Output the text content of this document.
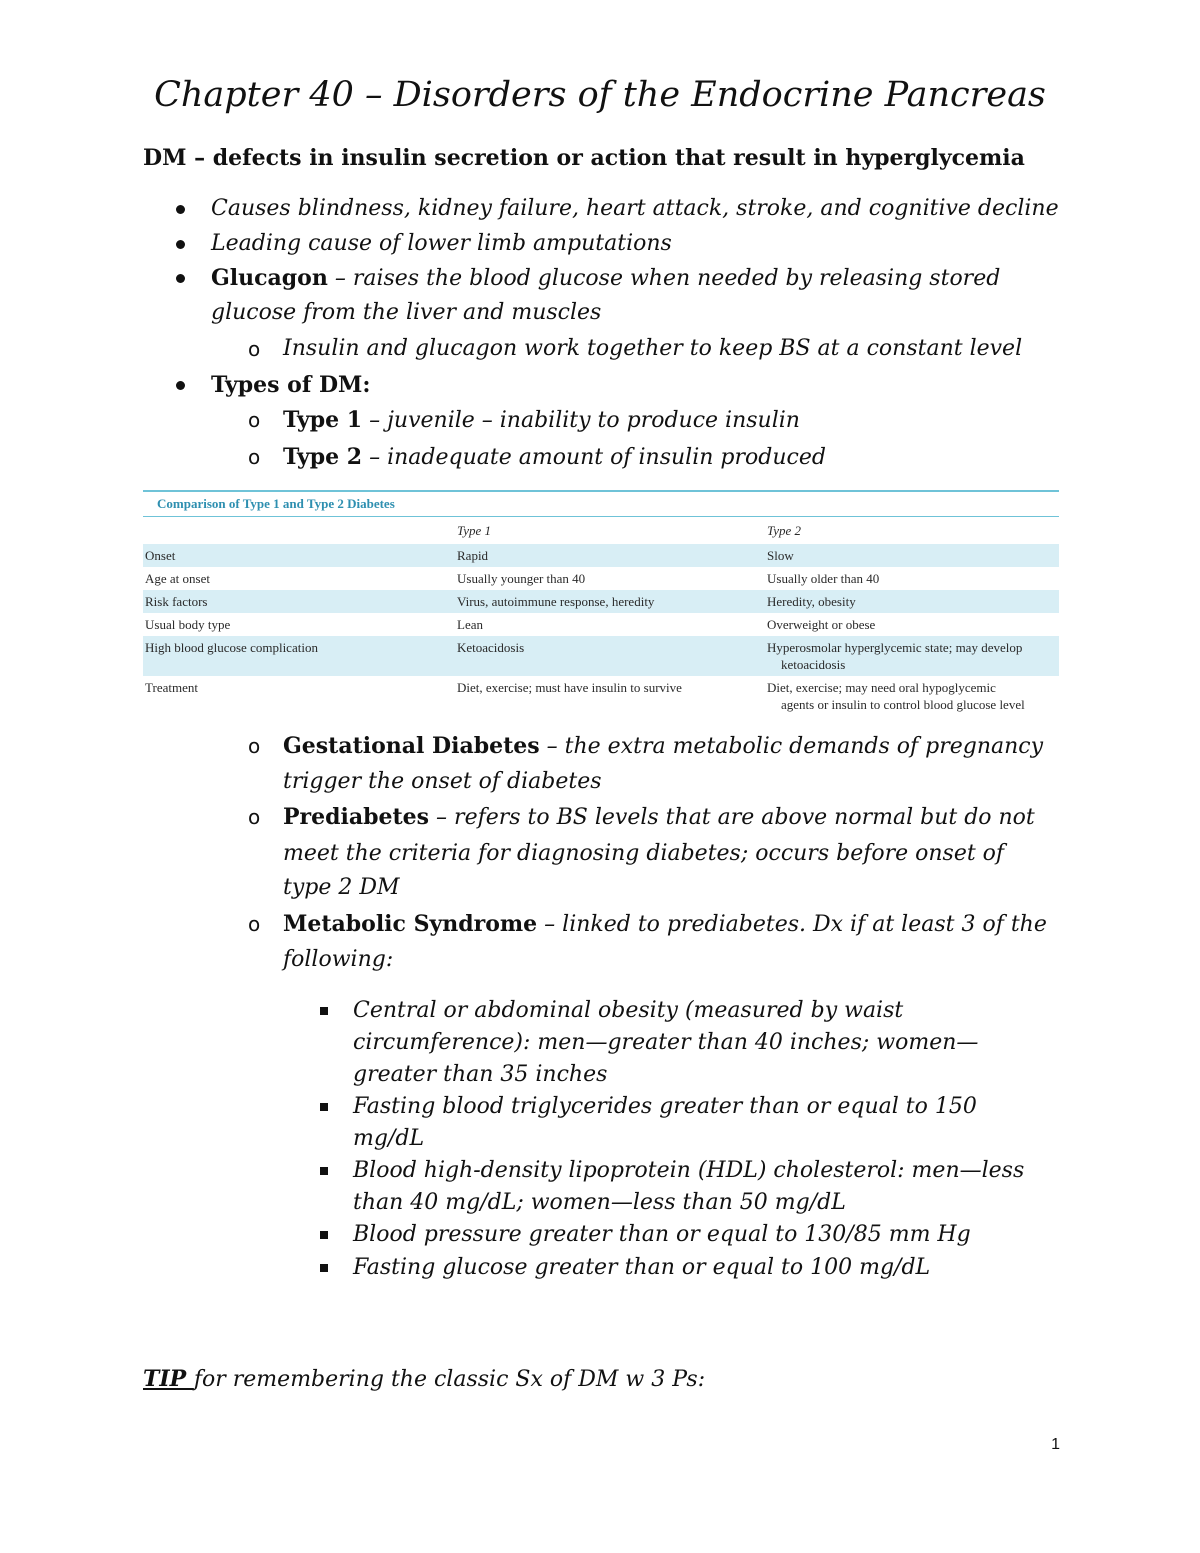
Chapter 40 – Disorders of the Endocrine Pancreas
DM – defects in insulin secretion or action that result in hyperglycemia
Causes blindness, kidney failure, heart attack, stroke, and cognitive decline
Leading cause of lower limb amputations
Glucagon – raises the blood glucose when needed by releasing stored
glucose from the liver and muscles
o Insulin and glucagon work together to keep BS at a constant level
Types of DM:
o Type 1 – juvenile – inability to produce insulin
o Type 2 – inadequate amount of insulin produced
Comparison of Type 1 and Type 2 Diabetes		
	Type 1	Type 2
Onset	Rapid	Slow
Age at onset	Usually younger than 40	Usually older than 40
Risk factors	Virus, autoimmune response, heredity	Heredity, obesity
Usual body type	Lean	Overweight or obese
High blood glucose complication	Ketoacidosis	Hyperosmolar hyperglycemic state; may develop
ketoacidosis

Treatment	Diet, exercise; must have insulin to survive	Diet, exercise; may need oral hypoglycemic
agents or insulin to control blood glucose level
o Gestational Diabetes – the extra metabolic demands of pregnancy
trigger the onset of diabetes
o Prediabetes – refers to BS levels that are above normal but do not
meet the criteria for diagnosing diabetes; occurs before onset of
type 2 DM
o Metabolic Syndrome – linked to prediabetes. Dx if at least 3 of the
following:
Central or abdominal obesity (measured by waist
circumference): men—greater than 40 inches; women—
greater than 35 inches
Fasting blood triglycerides greater than or equal to 150
mg/dL
Blood high-density lipoprotein (HDL) cholesterol: men—less
than 40 mg/dL; women—less than 50 mg/dL
Blood pressure greater than or equal to 130/85 mm Hg
Fasting glucose greater than or equal to 100 mg/dL
TIP for remembering the classic Sx of DM w 3 Ps:
1
